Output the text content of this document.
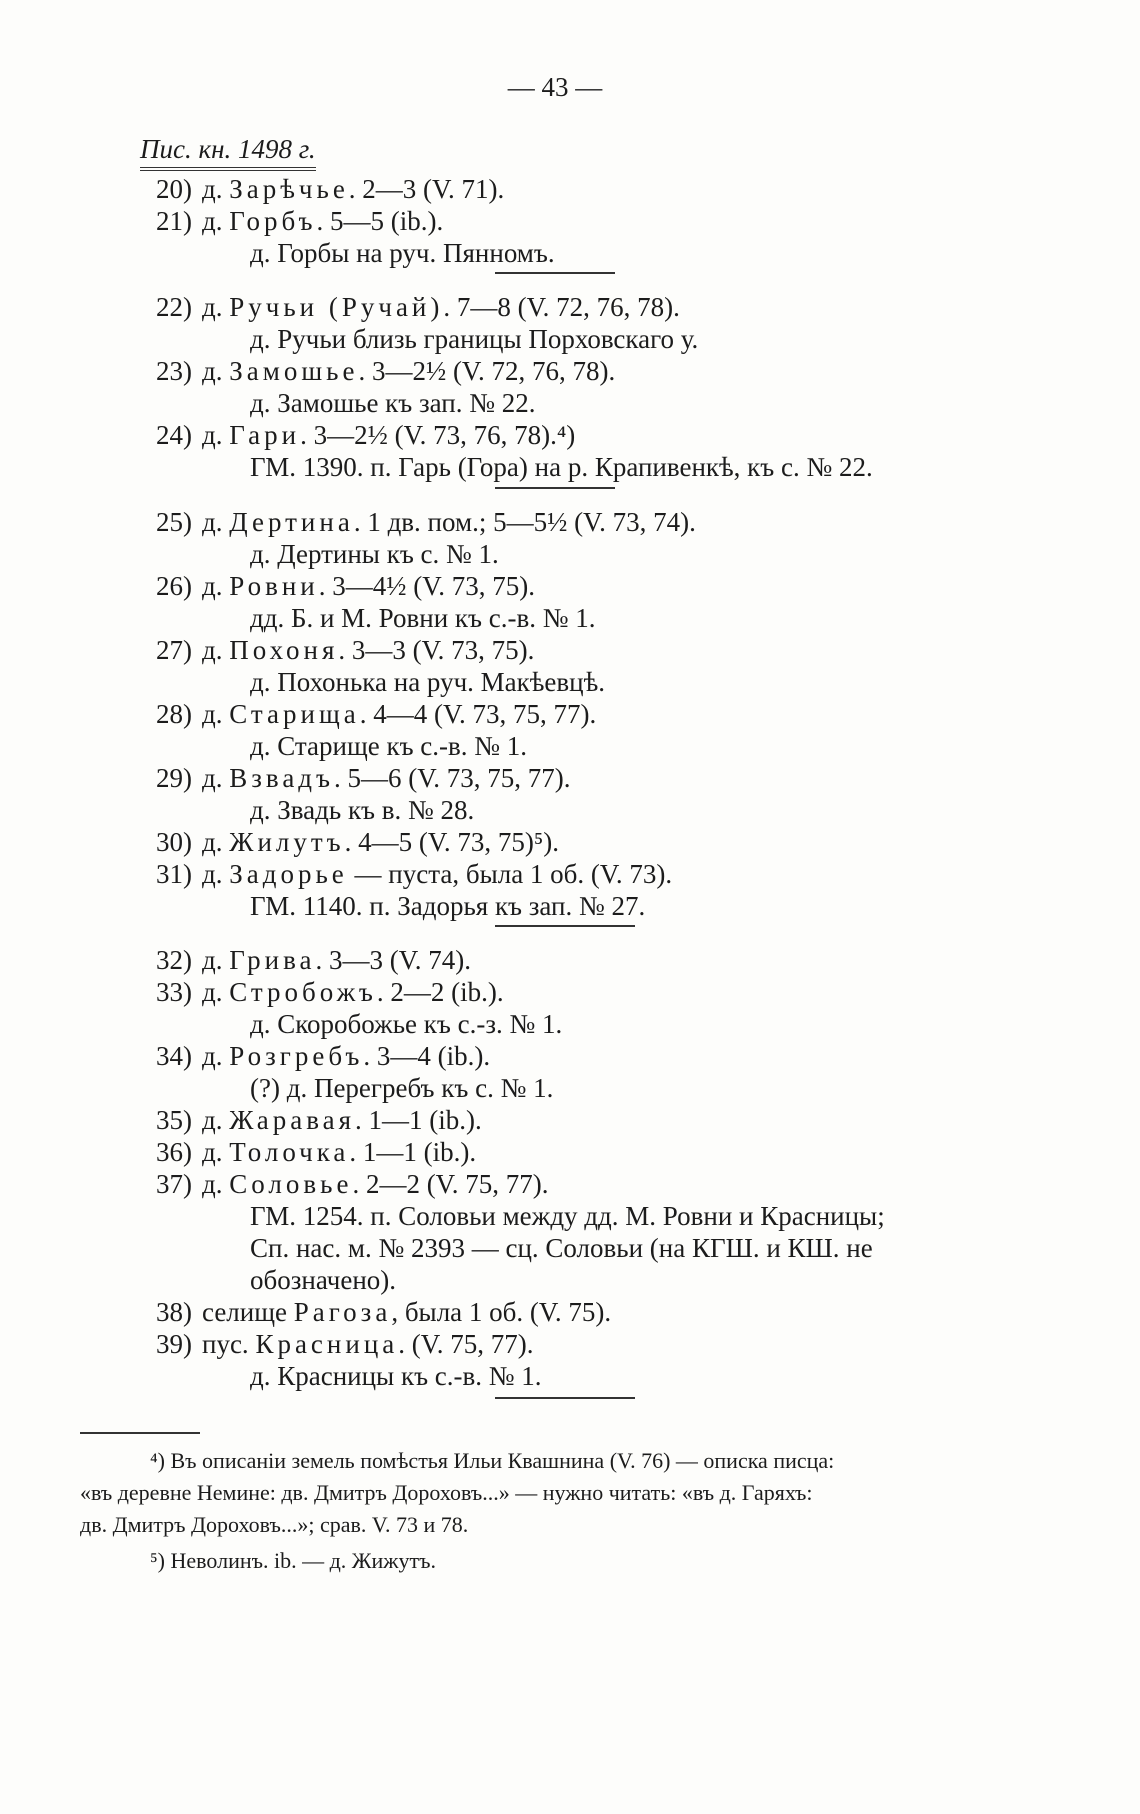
— 43 —
Пис. кн. 1498 г.
20) д. Зарѣчье. 2—3 (V. 71).
21) д. Горбъ. 5—5 (ib.).
д. Горбы на руч. Пянномъ.
22) д. Ручьи (Ручай). 7—8 (V. 72, 76, 78).
д. Ручьи близь границы Порховскаго у.
23) д. Замошье. 3—2½ (V. 72, 76, 78).
д. Замошье къ зап. № 22.
24) д. Гари. 3—2½ (V. 73, 76, 78).⁴)
ГМ. 1390. п. Гарь (Гора) на р. Крапивенкѣ, къ с. № 22.
25) д. Дертина. 1 дв. пом.; 5—5½ (V. 73, 74).
д. Дертины къ с. № 1.
26) д. Ровни. 3—4½ (V. 73, 75).
дд. Б. и М. Ровни къ с.-в. № 1.
27) д. Похоня. 3—3 (V. 73, 75).
д. Похонька на руч. Макѣевцѣ.
28) д. Старища. 4—4 (V. 73, 75, 77).
д. Старище къ с.-в. № 1.
29) д. Взвадъ. 5—6 (V. 73, 75, 77).
д. Звадь къ в. № 28.
30) д. Жилутъ. 4—5 (V. 73, 75)⁵).
31) д. Задорье — пуста, была 1 об. (V. 73).
ГМ. 1140. п. Задорья къ зап. № 27.
32) д. Грива. 3—3 (V. 74).
33) д. Стробожъ. 2—2 (ib.).
д. Скоробожье къ с.-з. № 1.
34) д. Розгребъ. 3—4 (ib.).
(?) д. Перегребъ къ с. № 1.
35) д. Жаравая. 1—1 (ib.).
36) д. Толочка. 1—1 (ib.).
37) д. Соловье. 2—2 (V. 75, 77).
ГМ. 1254. п. Соловьи между дд. М. Ровни и Красницы;
Сп. нас. м. № 2393 — сц. Соловьи (на КГШ. и КШ. не
обозначено).
38) селище Рагоза, была 1 об. (V. 75).
39) пус. Красница. (V. 75, 77).
д. Красницы къ с.-в. № 1.
⁴) Въ описаніи земель помѣстья Ильи Квашнина (V. 76) — описка писца:
«въ деревне Немине: дв. Дмитръ Дороховъ...» — нужно читать: «въ д. Гаряхъ:
дв. Дмитръ Дороховъ...»; срав. V. 73 и 78.
⁵) Неволинъ. ib. — д. Жижутъ.
